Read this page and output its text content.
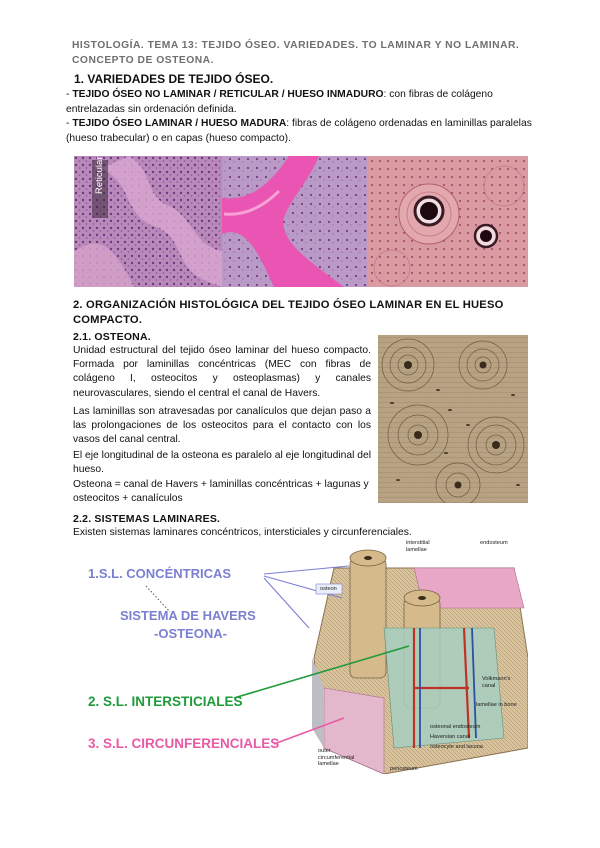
HISTOLOGÍA. TEMA 13: TEJIDO ÓSEO. VARIEDADES. TO LAMINAR Y NO LAMINAR. CONCEPTO DE OSTEONA.
1. VARIEDADES DE TEJIDO ÓSEO.
- TEJIDO ÓSEO NO LAMINAR / RETICULAR / HUESO INMADURO: con fibras de colágeno entrelazadas sin ordenación definida.
- TEJIDO ÓSEO LAMINAR / HUESO MADURA: fibras de colágeno ordenadas en laminillas paralelas (hueso trabecular) o en capas (hueso compacto).
Reticular
2. ORGANIZACIÓN HISTOLÓGICA DEL TEJIDO ÓSEO LAMINAR EN EL HUESO COMPACTO.
2.1. OSTEONA.
Unidad estructural del tejido óseo laminar del hueso compacto. Formada por laminillas concéntricas (MEC con fibras de colágeno I, osteocitos y osteoplasmas) y canales neurovasculares, siendo el central el canal de Havers.
Las laminillas son atravesadas por canalículos que dejan paso a las prolongaciones de los osteocitos para el contacto con los vasos del canal central.
El eje longitudinal de la osteona es paralelo al eje longitudinal del hueso.
Osteona = canal de Havers + laminillas concéntricas + lagunas y osteocitos + canalículos
2.2. SISTEMAS LAMINARES.
Existen sistemas laminares concéntricos, intersticiales y circunferenciales.
1.S.L. CONCÉNTRICAS
SISTEMA DE HAVERS
-OSTEONA-
2. S.L. INTERSTICIALES
3. S.L. CIRCUNFERENCIALES
interstitial lamellae
endosteum
osteon
Volkmann's canal
lamellae in bone
osteonal endosteum
Haversian canal
osteocyte and lacuna
outer circumferential lamellae
periosteum
